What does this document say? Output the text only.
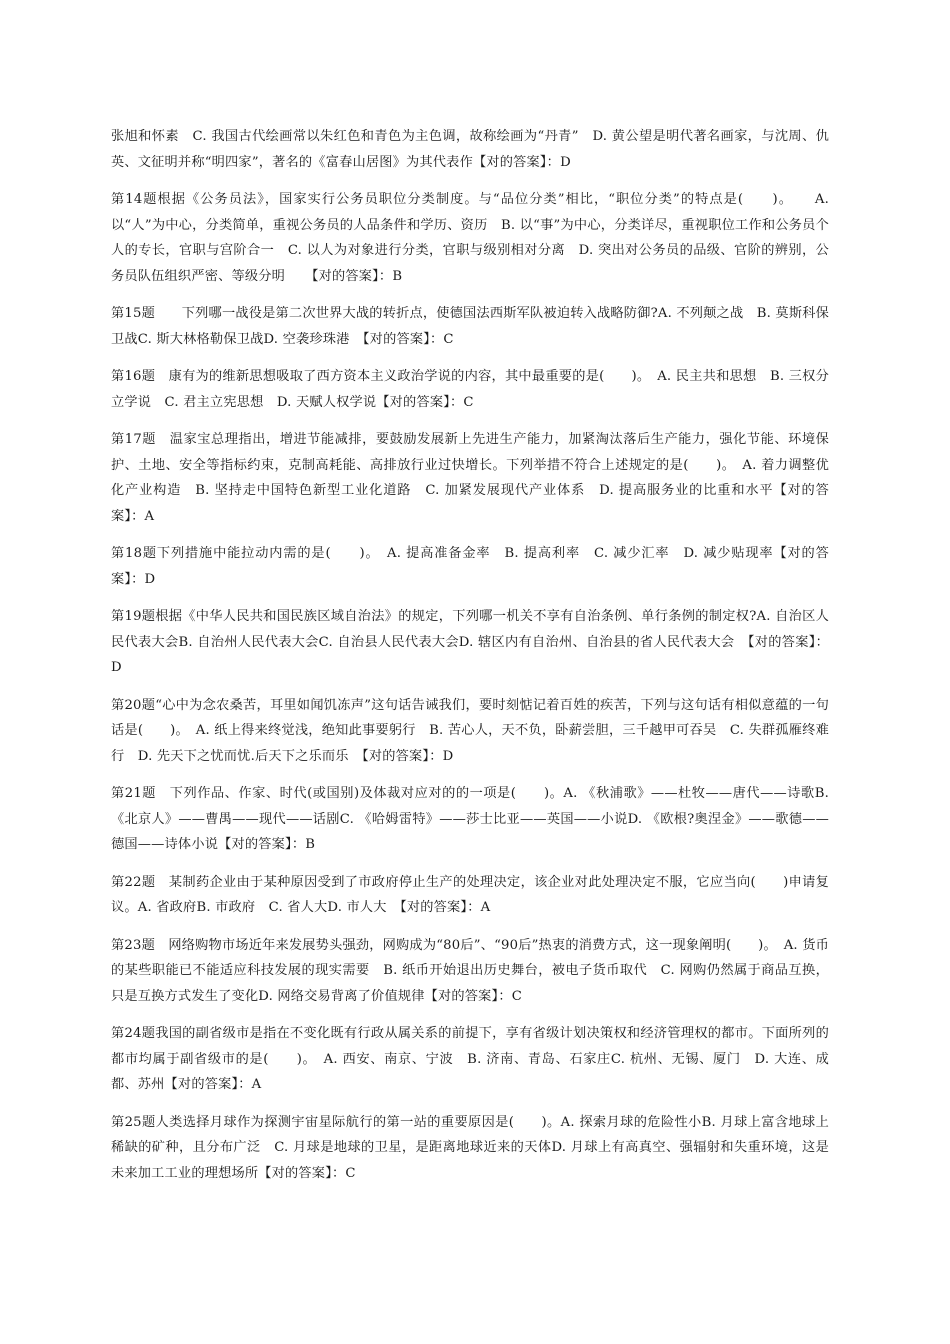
张旭和怀素　C. 我国古代绘画常以朱红色和青色为主色调，故称绘画为“丹青”　D. 黄公望是明代著名画家，与沈周、仇英、文征明并称“明四家”，著名的《富春山居图》为其代表作【对的答案】：D

第14题根据《公务员法》，国家实行公务员职位分类制度。与“品位分类”相比，“职位分类”的特点是(　　)。　　A. 以“人”为中心，分类简单，重视公务员的人品条件和学历、资历　B. 以“事”为中心，分类详尽，重视职位工作和公务员个人的专长，官职与宫阶合一　C. 以人为对象进行分类，官职与级别相对分离　D. 突出对公务员的品级、官阶的辨别，公务员队伍组织严密、等级分明　　【对的答案】：B

第15题　　下列哪一战役是第二次世界大战的转折点，使德国法西斯军队被迫转入战略防御?A. 不列颠之战　B. 莫斯科保卫战C. 斯大林格勒保卫战D. 空袭珍珠港　【对的答案】：C

第16题　康有为的维新思想吸取了西方资本主义政治学说的内容，其中最重要的是(　　)。　A. 民主共和思想　B. 三权分立学说　C. 君主立宪思想　D. 天赋人权学说【对的答案】：C

第17题　温家宝总理指出，增进节能减排，要鼓励发展新上先进生产能力，加紧淘汰落后生产能力，强化节能、环境保护、土地、安全等指标约束，克制高耗能、高排放行业过快增长。下列举措不符合上述规定的是(　　)。　A. 着力调整优化产业构造　B. 坚持走中国特色新型工业化道路　C. 加紧发展现代产业体系　D. 提高服务业的比重和水平【对的答案】：A

第18题下列措施中能拉动内需的是(　　)。　A. 提高准备金率　B. 提高利率　C. 减少汇率　D. 减少贴现率【对的答案】：D

第19题根据《中华人民共和国民族区域自治法》的规定，下列哪一机关不享有自治条例、单行条例的制定权?A. 自治区人民代表大会B. 自治州人民代表大会C. 自治县人民代表大会D. 辖区内有自治州、自治县的省人民代表大会　【对的答案】：D

第20题“心中为念农桑苦，耳里如闻饥冻声”这句话告诫我们，要时刻惦记着百姓的疾苦，下列与这句话有相似意蕴的一句话是(　　)。　A. 纸上得来终觉浅，绝知此事要躬行　B. 苦心人，天不负，卧薪尝胆，三千越甲可吞吴　C. 失群孤雁终难行　D. 先天下之忧而忧.后天下之乐而乐　【对的答案】：D

第21题　下列作品、作家、时代(或国别)及体裁对应对的的一项是(　　)。A. 《秋浦歌》——杜牧——唐代——诗歌B. 《北京人》——曹禺——现代——话剧C. 《哈姆雷特》——莎士比亚——英国——小说D. 《欧根?奥涅金》——歌德——德国——诗体小说【对的答案】：B

第22题　某制药企业由于某种原因受到了市政府停止生产的处理决定，该企业对此处理决定不服，它应当向(　　)申请复议。A. 省政府B. 市政府　C. 省人大D. 市人大　【对的答案】：A

第23题　网络购物市场近年来发展势头强劲，网购成为“80后”、“90后”热衷的消费方式，这一现象阐明(　　)。　A. 货币的某些职能已不能适应科技发展的现实需要　B. 纸币开始退出历史舞台，被电子货币取代　C. 网购仍然属于商品互换，只是互换方式发生了变化D. 网络交易背离了价值规律【对的答案】：C

第24题我国的副省级市是指在不变化既有行政从属关系的前提下，享有省级计划决策权和经济管理权的都市。下面所列的都市均属于副省级市的是(　　)。　A. 西安、南京、宁波　B. 济南、青岛、石家庄C. 杭州、无锡、厦门　D. 大连、成都、苏州【对的答案】：A

第25题人类选择月球作为探测宇宙星际航行的第一站的重要原因是(　　)。A. 探索月球的危险性小B. 月球上富含地球上稀缺的矿种，且分布广泛　C. 月球是地球的卫星，是距离地球近来的天体D. 月球上有高真空、强辐射和失重环境，这是未来加工工业的理想场所【对的答案】：C
